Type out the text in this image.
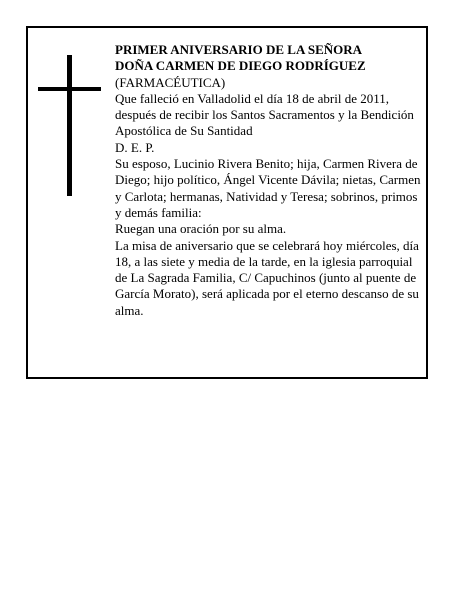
PRIMER ANIVERSARIO DE LA SEÑORA

DOÑA CARMEN DE DIEGO RODRÍGUEZ

(FARMACÉUTICA)

Que falleció en Valladolid el día 18 de abril de 2011, después de recibir los Santos Sacramentos y la Bendición Apostólica de Su Santidad

D. E. P.

Su esposo, Lucinio Rivera Benito; hija, Carmen Rivera de Diego; hijo político, Ángel Vicente Dávila; nietas, Carmen y Carlota; hermanas, Natividad y Teresa; sobrinos, primos y demás familia:

Ruegan una oración por su alma.

La misa de aniversario que se celebrará hoy miércoles, día 18, a las siete y media de la tarde, en la iglesia parroquial de La Sagrada Familia, C/ Capuchinos (junto al puente de García Morato), será aplicada por el eterno descanso de su alma.
